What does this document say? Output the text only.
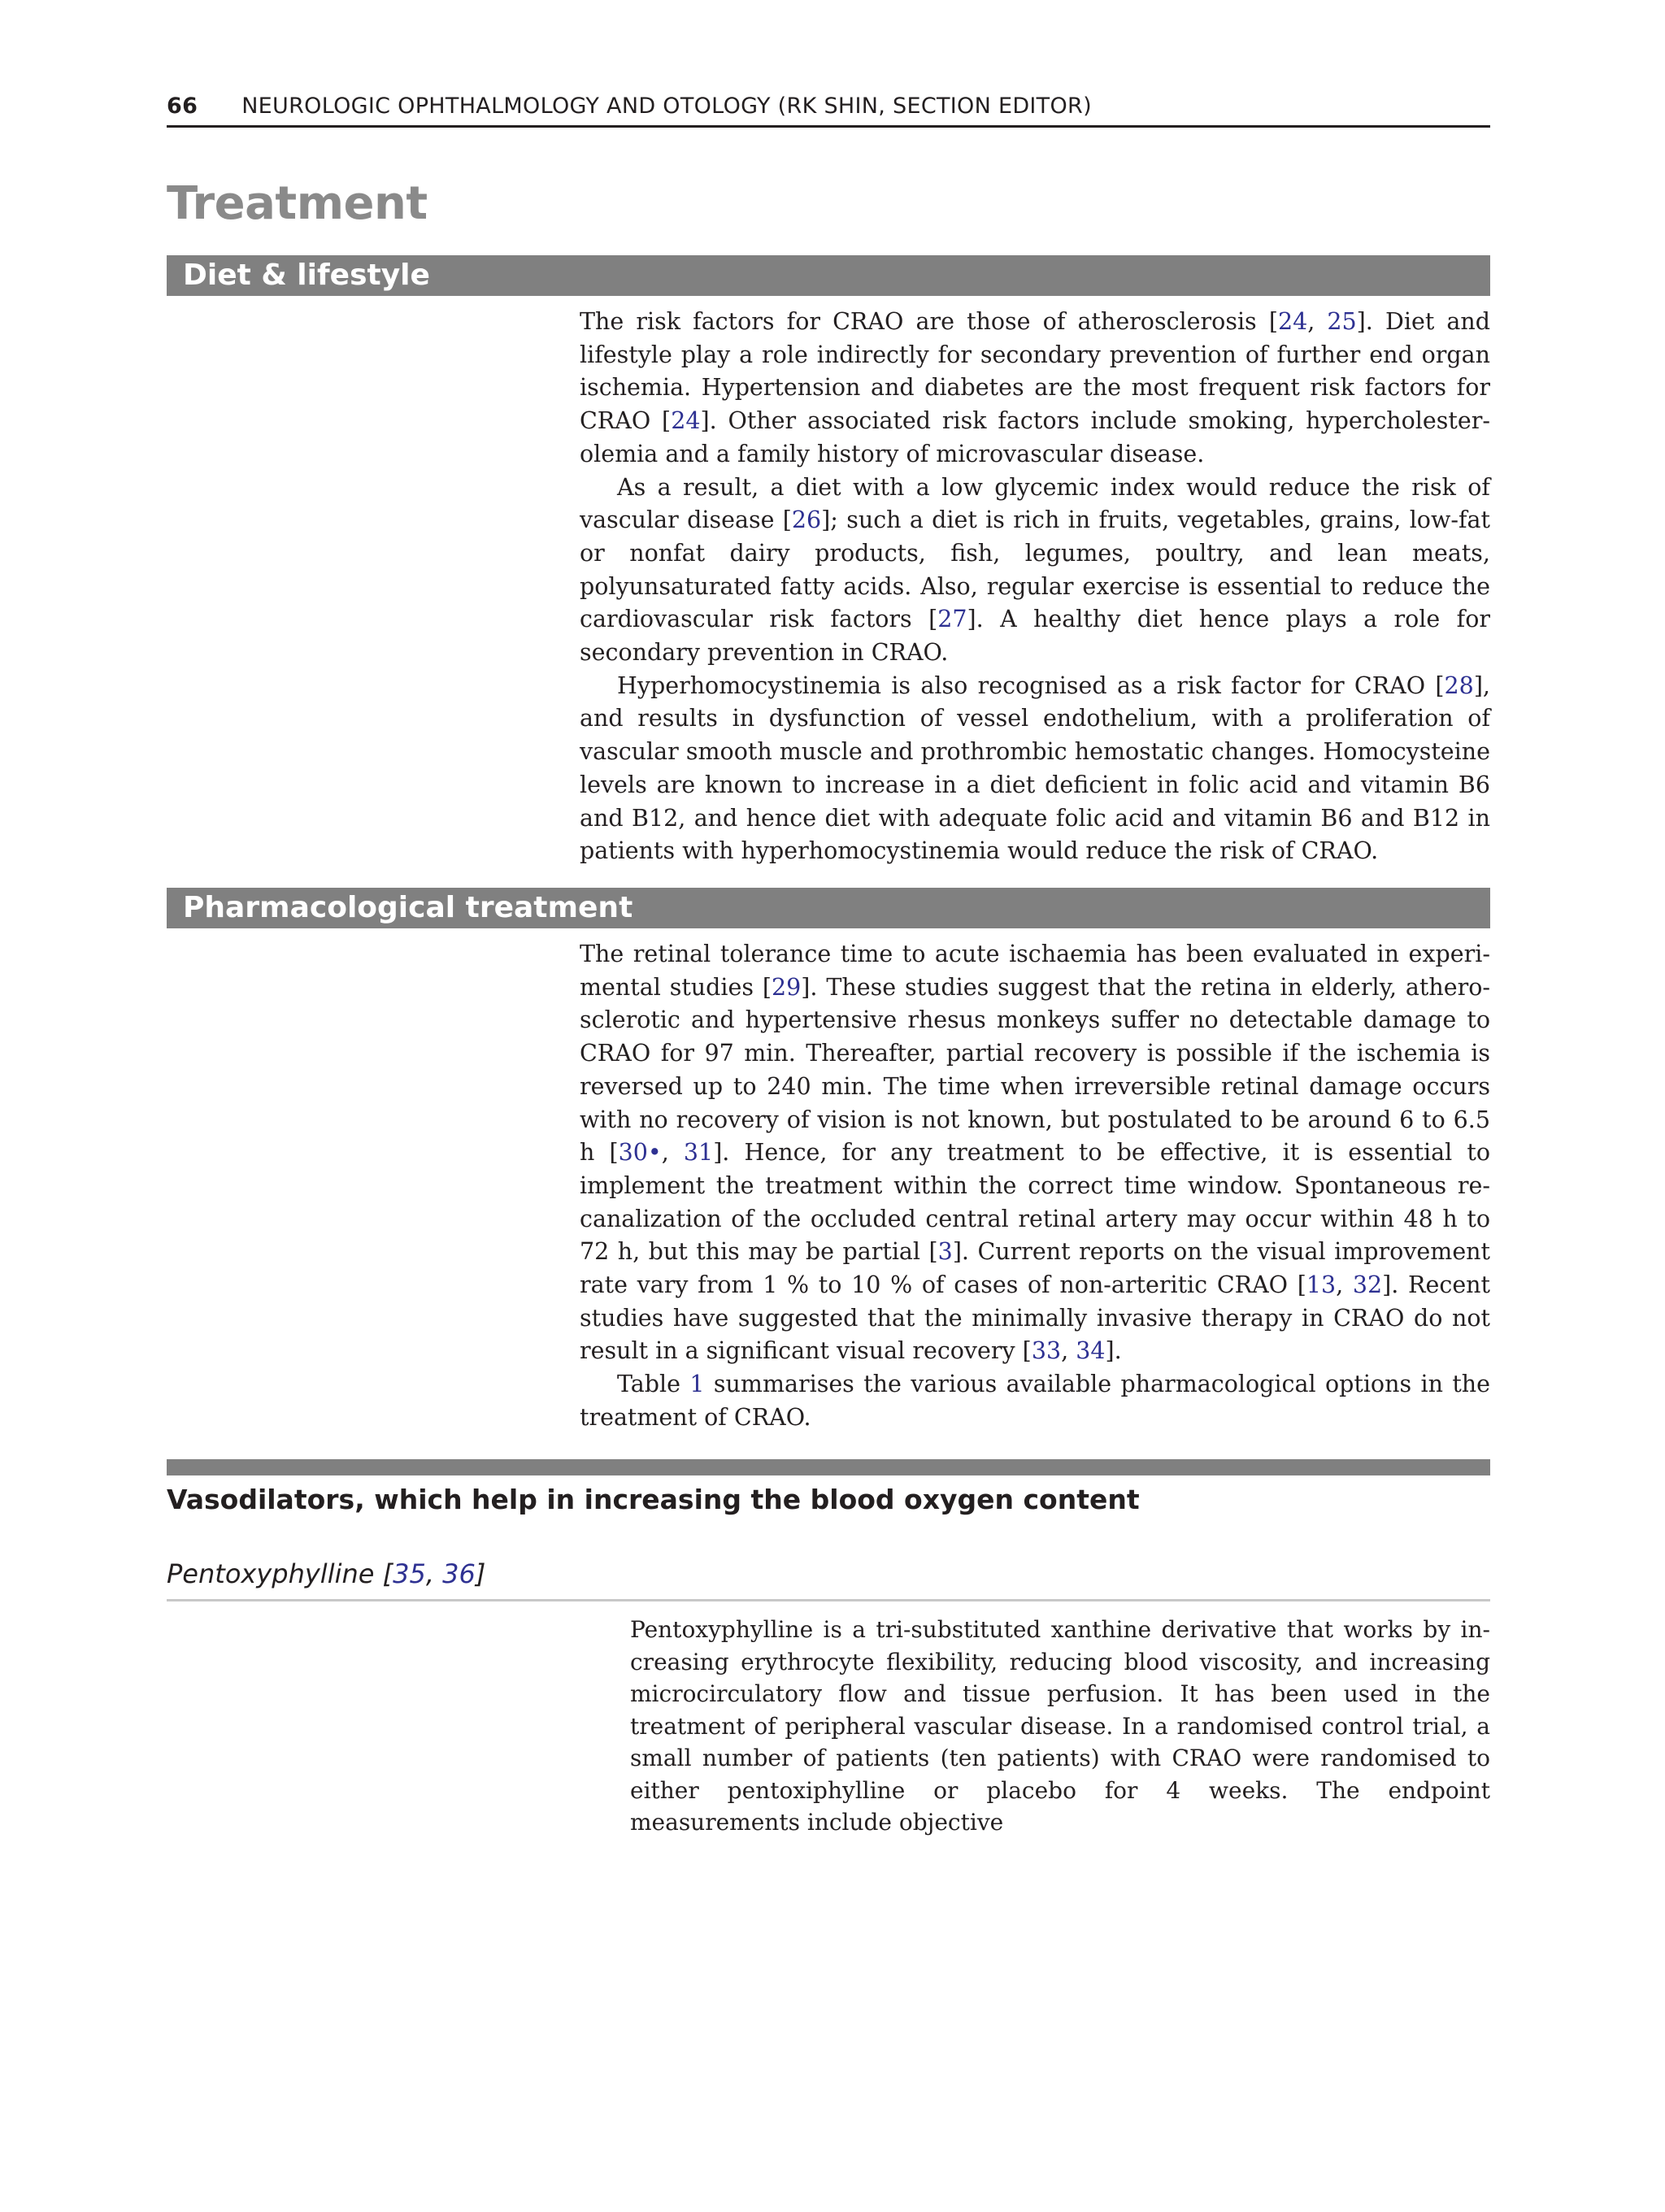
66 NEUROLOGIC OPHTHALMOLOGY AND OTOLOGY (RK SHIN, SECTION EDITOR)
Treatment
Diet & lifestyle

The risk factors for CRAO are those of atherosclerosis [24, 25]. Diet and lifestyle play a role indirectly for secondary prevention of further end organ ischemia. Hypertension and diabetes are the most frequent risk factors for CRAO [24]. Other associated risk factors include smoking, hypercholesterolemia and a family history of microvascular disease.

As a result, a diet with a low glycemic index would reduce the risk of vascular disease [26]; such a diet is rich in fruits, vegetables, grains, low-fat or nonfat dairy products, fish, legumes, poultry, and lean meats, polyunsaturated fatty acids. Also, regular exercise is essential to reduce the cardiovascular risk factors [27]. A healthy diet hence plays a role for secondary prevention in CRAO.

Hyperhomocystinemia is also recognised as a risk factor for CRAO [28], and results in dysfunction of vessel endothelium, with a proliferation of vascular smooth muscle and prothrombic hemostatic changes. Homocysteine levels are known to increase in a diet deficient in folic acid and vitamin B6 and B12, and hence diet with adequate folic acid and vitamin B6 and B12 in patients with hyperhomocystinemia would reduce the risk of CRAO.

Pharmacological treatment

The retinal tolerance time to acute ischaemia has been evaluated in experimental studies [29]. These studies suggest that the retina in elderly, atherosclerotic and hypertensive rhesus monkeys suffer no detectable damage to CRAO for 97 min. Thereafter, partial recovery is possible if the ischemia is reversed up to 240 min. The time when irreversible retinal damage occurs with no recovery of vision is not known, but postulated to be around 6 to 6.5 h [30•, 31]. Hence, for any treatment to be effective, it is essential to implement the treatment within the correct time window. Spontaneous recanalization of the occluded central retinal artery may occur within 48 h to 72 h, but this may be partial [3]. Current reports on the visual improvement rate vary from 1 % to 10 % of cases of non-arteritic CRAO [13, 32]. Recent studies have suggested that the minimally invasive therapy in CRAO do not result in a significant visual recovery [33, 34].

Table 1 summarises the various available pharmacological options in the treatment of CRAO.

Vasodilators, which help in increasing the blood oxygen content
Pentoxyphylline [35, 36]

Pentoxyphylline is a tri-substituted xanthine derivative that works by increasing erythrocyte flexibility, reducing blood viscosity, and increasing microcirculatory flow and tissue perfusion. It has been used in the treatment of peripheral vascular disease. In a randomised control trial, a small number of patients (ten patients) with CRAO were randomised to either pentoxiphylline or placebo for 4 weeks. The endpoint measurements include objective
